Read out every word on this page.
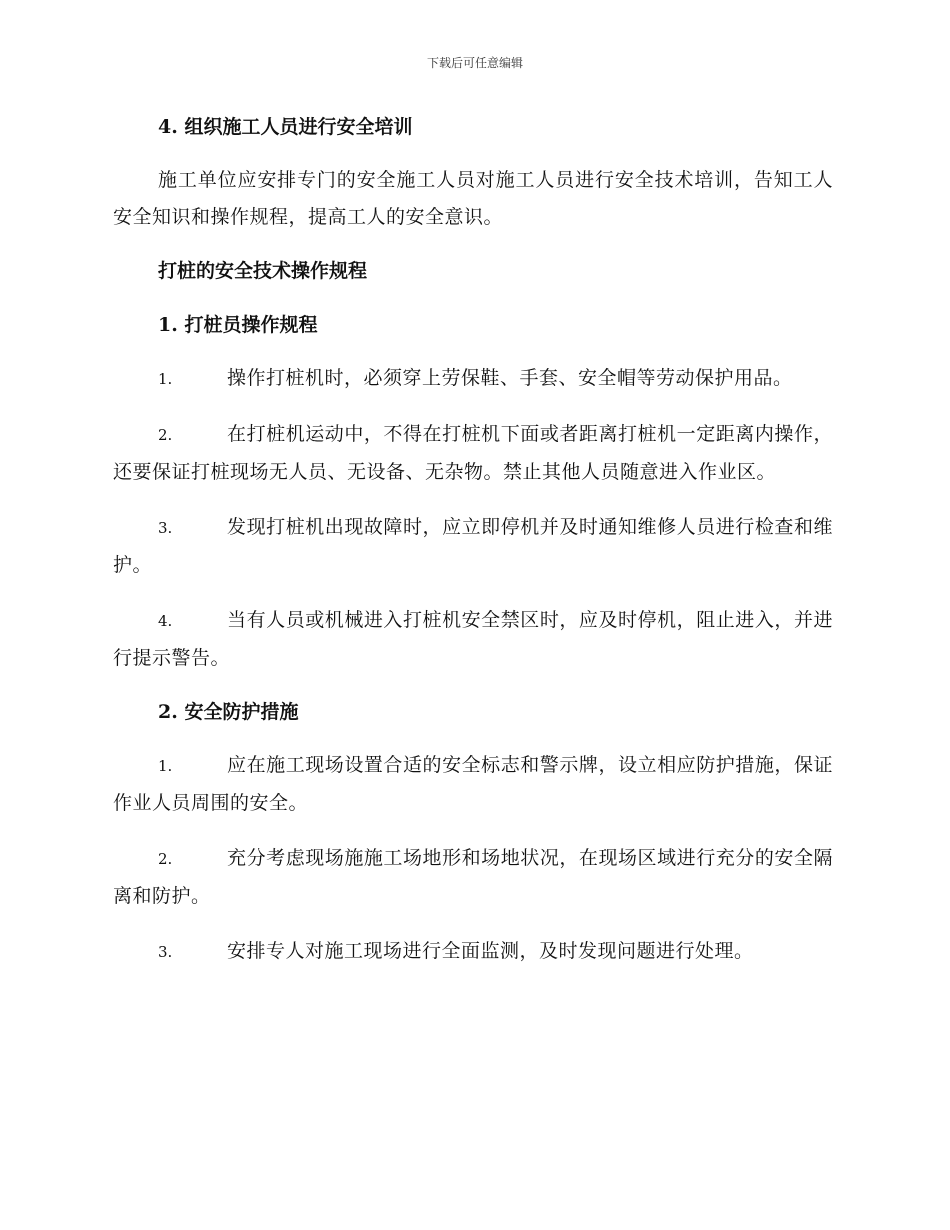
下载后可任意编辑

4. 组织施工人员进行安全培训

施工单位应安排专门的安全施工人员对施工人员进行安全技术培训，告知工人安全知识和操作规程，提高工人的安全意识。

打桩的安全技术操作规程

1. 打桩员操作规程

1.	操作打桩机时，必须穿上劳保鞋、手套、安全帽等劳动保护用品。

2.	在打桩机运动中，不得在打桩机下面或者距离打桩机一定距离内操作，还要保证打桩现场无人员、无设备、无杂物。禁止其他人员随意进入作业区。

3.	发现打桩机出现故障时，应立即停机并及时通知维修人员进行检查和维护。

4.	当有人员或机械进入打桩机安全禁区时，应及时停机，阻止进入，并进行提示警告。

2. 安全防护措施

1.	应在施工现场设置合适的安全标志和警示牌，设立相应防护措施，保证作业人员周围的安全。

2.	充分考虑现场施施工场地形和场地状况，在现场区域进行充分的安全隔离和防护。

3.	安排专人对施工现场进行全面监测，及时发现问题进行处理。
